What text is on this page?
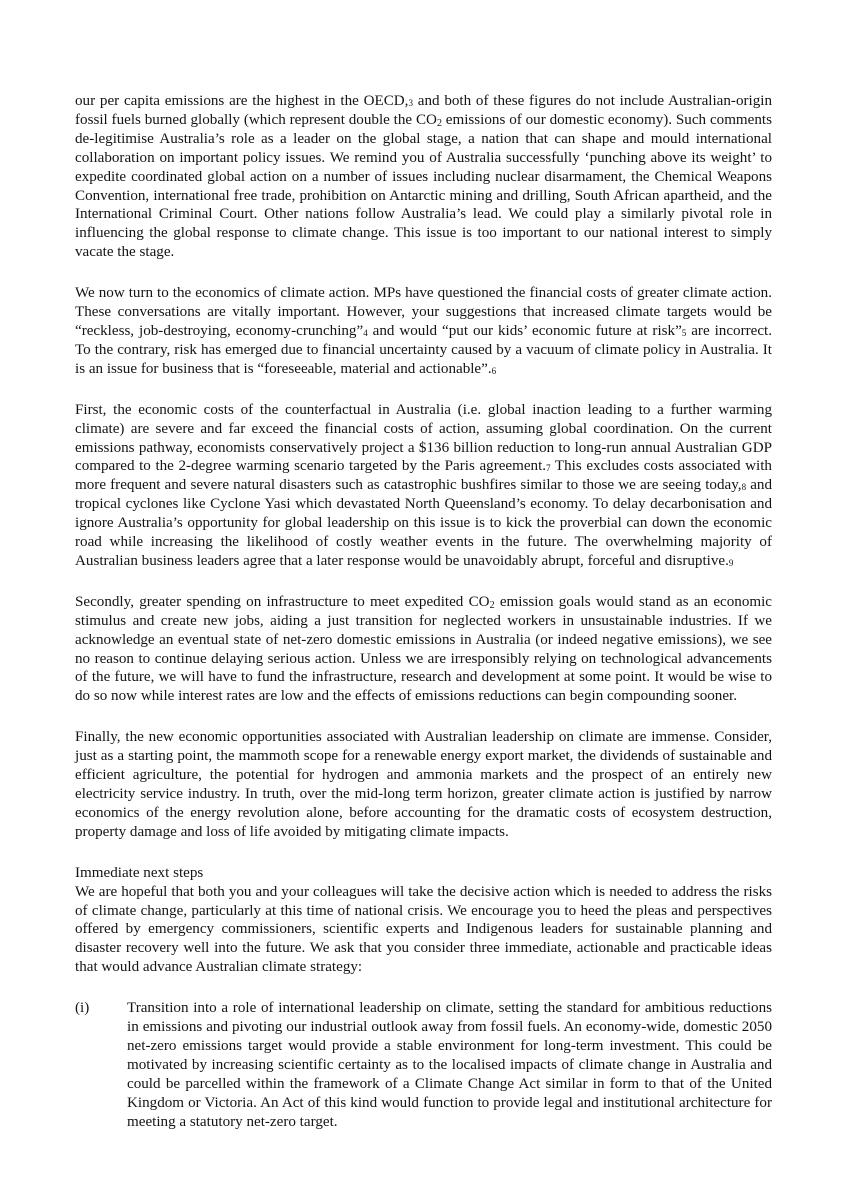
our per capita emissions are the highest in the OECD,3 and both of these figures do not include Australian-origin fossil fuels burned globally (which represent double the $CO_2$ emissions of our domestic economy). Such comments de-legitimise Australia’s role as a leader on the global stage, a nation that can shape and mould international collaboration on important policy issues. We remind you of Australia successfully ‘punching above its weight’ to expedite coordinated global action on a number of issues including nuclear disarmament, the Chemical Weapons Convention, international free trade, prohibition on Antarctic mining and drilling, South African apartheid, and the International Criminal Court. Other nations follow Australia’s lead. We could play a similarly pivotal role in influencing the global response to climate change. This issue is too important to our national interest to simply vacate the stage.

We now turn to the economics of climate action. MPs have questioned the financial costs of greater climate action. These conversations are vitally important. However, your suggestions that increased climate targets would be “reckless, job-destroying, economy-crunching”4 and would “put our kids’ economic future at risk”5 are incorrect. To the contrary, risk has emerged due to financial uncertainty caused by a vacuum of climate policy in Australia. It is an issue for business that is “foreseeable, material and actionable”.6

First, the economic costs of the counterfactual in Australia (i.e. global inaction leading to a further warming climate) are severe and far exceed the financial costs of action, assuming global coordination. On the current emissions pathway, economists conservatively project a $136 billion reduction to long-run annual Australian GDP compared to the 2-degree warming scenario targeted by the Paris agreement.7 This excludes costs associated with more frequent and severe natural disasters such as catastrophic bushfires similar to those we are seeing today,8 and tropical cyclones like Cyclone Yasi which devastated North Queensland’s economy. To delay decarbonisation and ignore Australia’s opportunity for global leadership on this issue is to kick the proverbial can down the economic road while increasing the likelihood of costly weather events in the future. The overwhelming majority of Australian business leaders agree that a later response would be unavoidably abrupt, forceful and disruptive.9

Secondly, greater spending on infrastructure to meet expedited $CO_2$ emission goals would stand as an economic stimulus and create new jobs, aiding a just transition for neglected workers in unsustainable industries. If we acknowledge an eventual state of net-zero domestic emissions in Australia (or indeed negative emissions), we see no reason to continue delaying serious action. Unless we are irresponsibly relying on technological advancements of the future, we will have to fund the infrastructure, research and development at some point. It would be wise to do so now while interest rates are low and the effects of emissions reductions can begin compounding sooner.

Finally, the new economic opportunities associated with Australian leadership on climate are immense. Consider, just as a starting point, the mammoth scope for a renewable energy export market, the dividends of sustainable and efficient agriculture, the potential for hydrogen and ammonia markets and the prospect of an entirely new electricity service industry. In truth, over the mid-long term horizon, greater climate action is justified by narrow economics of the energy revolution alone, before accounting for the dramatic costs of ecosystem destruction, property damage and loss of life avoided by mitigating climate impacts.

Immediate next steps

We are hopeful that both you and your colleagues will take the decisive action which is needed to address the risks of climate change, particularly at this time of national crisis. We encourage you to heed the pleas and perspectives offered by emergency commissioners, scientific experts and Indigenous leaders for sustainable planning and disaster recovery well into the future. We ask that you consider three immediate, actionable and practicable ideas that would advance Australian climate strategy:

(i)	Transition into a role of international leadership on climate, setting the standard for ambitious reductions in emissions and pivoting our industrial outlook away from fossil fuels. An economy-wide, domestic 2050 net-zero emissions target would provide a stable environment for long-term investment. This could be motivated by increasing scientific certainty as to the localised impacts of climate change in Australia and could be parcelled within the framework of a Climate Change Act similar in form to that of the United Kingdom or Victoria. An Act of this kind would function to provide legal and institutional architecture for meeting a statutory net-zero target.
